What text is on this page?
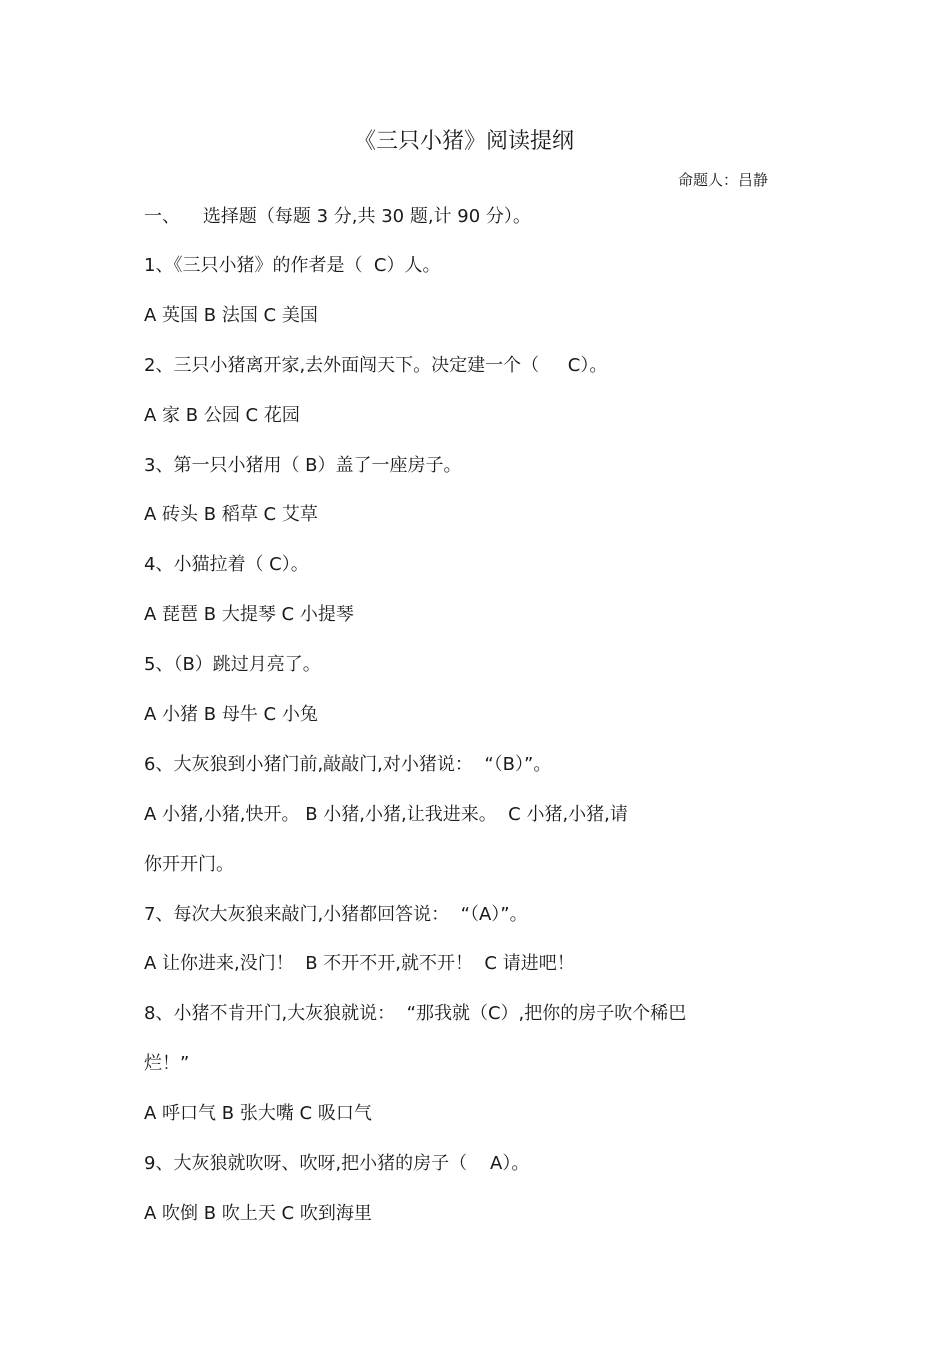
《三只小猪》阅读提纲
命题人：吕静
一、    选择题（每题 3 分,共 30 题,计 90 分）。
1、《三只小猪》的作者是（  C）人。
A 英国 B 法国 C 美国
2、三只小猪离开家,去外面闯天下。决定建一个（     C）。
A 家 B 公园 C 花园
3、第一只小猪用（ B）盖了一座房子。
A 砖头 B 稻草 C 艾草
4、小猫拉着（ C）。
A 琵琶 B 大提琴 C 小提琴
5、（B）跳过月亮了。
A 小猪 B 母牛 C 小兔
6、大灰狼到小猪门前,敲敲门,对小猪说：  “（B）”。
A 小猪,小猪,快开。 B 小猪,小猪,让我进来。  C 小猪,小猪,请
你开开门。
7、每次大灰狼来敲门,小猪都回答说：  “（A）”。
A 让你进来,没门！  B 不开不开,就不开！  C 请进吧！
8、小猪不肯开门,大灰狼就说：  “那我就（C）,把你的房子吹个稀巴
烂！”
A 呼口气 B 张大嘴 C 吸口气
9、大灰狼就吹呀、吹呀,把小猪的房子（    A）。
A 吹倒 B 吹上天 C 吹到海里
